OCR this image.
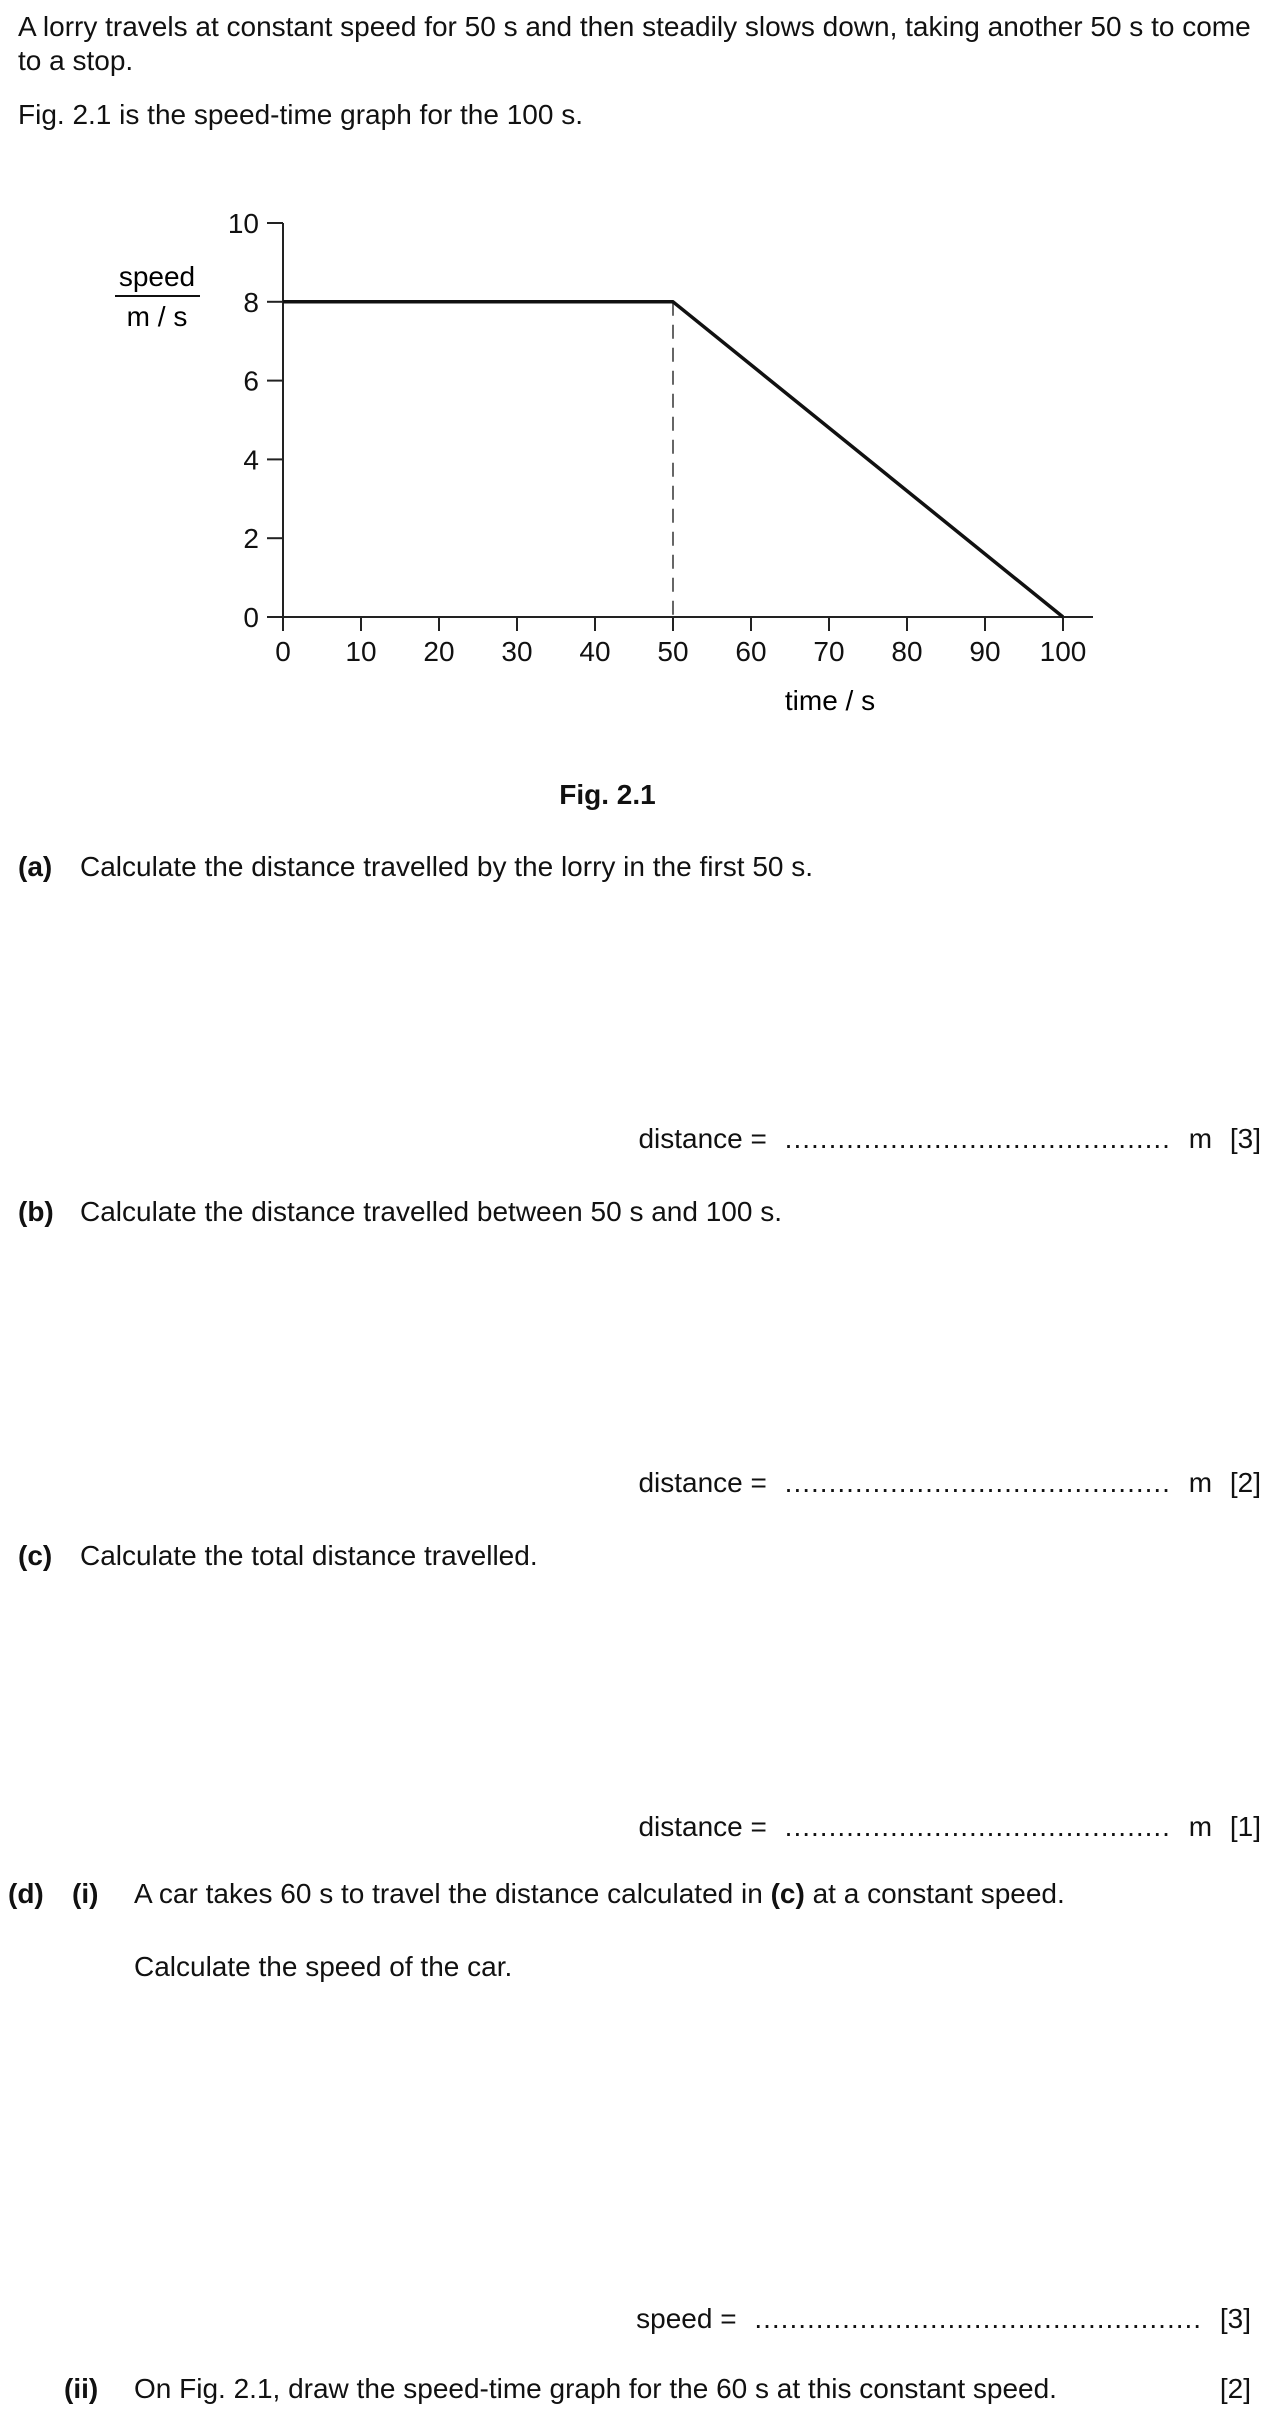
A lorry travels at constant speed for 50 s and then steadily slows down, taking another 50 s to come to a stop.
Fig. 2.1 is the speed-time graph for the 100 s.
0 10 20 30 40 50 60 70 80 90 100
0
2
4
6
8
10
speed
m / s
time / s
Fig. 2.1
(a) Calculate the distance travelled by the lorry in the first 50 s.
distance = ............................................ m [3]
(b) Calculate the distance travelled between 50 s and 100 s.
distance = ............................................ m [2]
(c) Calculate the total distance travelled.
distance = ............................................ m [1]
(d) (i) A car takes 60 s to travel the distance calculated in (c) at a constant speed.
Calculate the speed of the car.
speed = ................................................... [3]
(ii) On Fig. 2.1, draw the speed-time graph for the 60 s at this constant speed.	[2]
